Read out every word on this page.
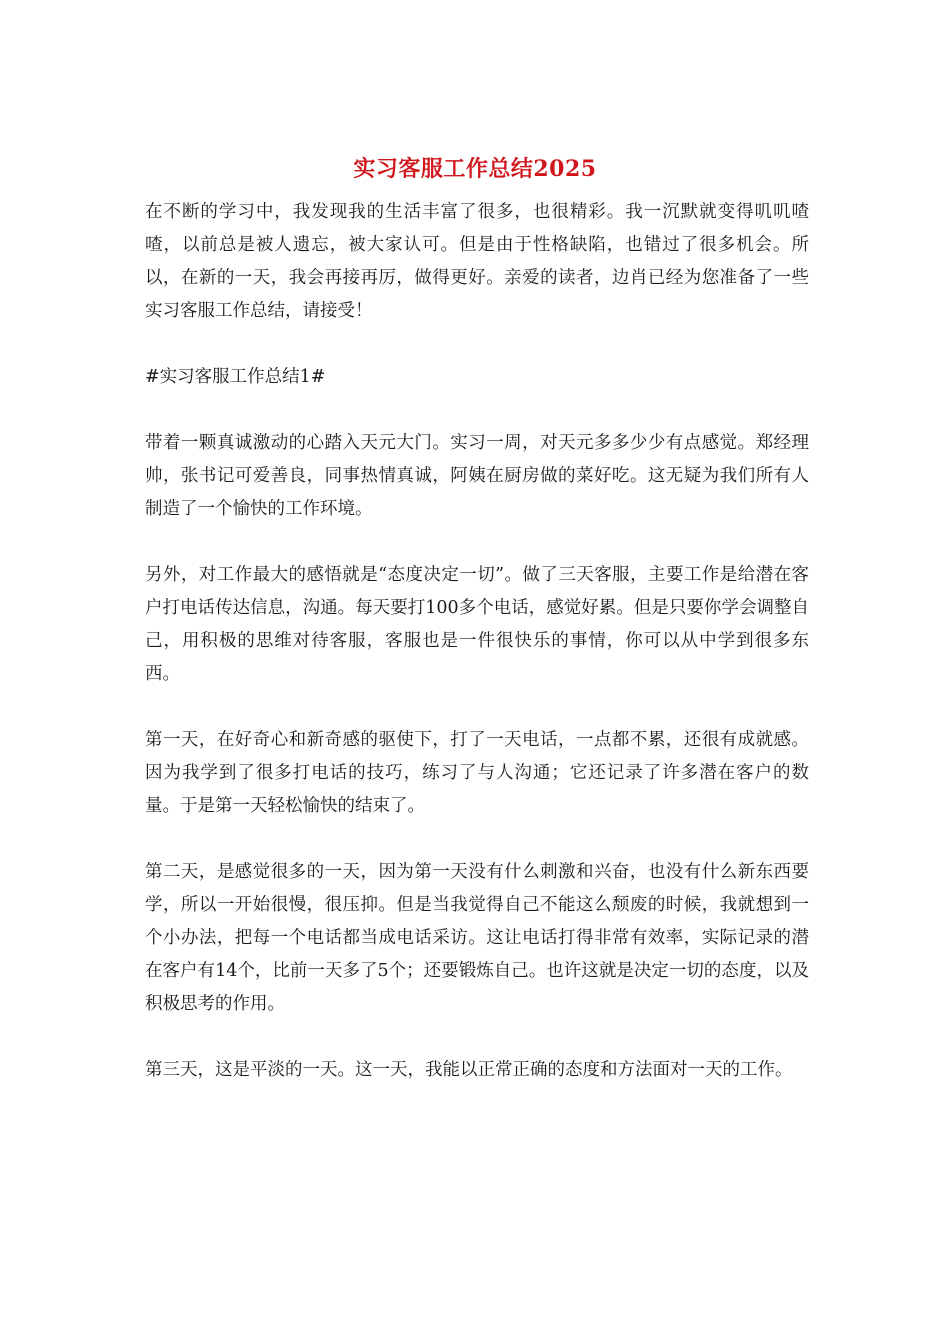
实习客服工作总结2025

在不断的学习中，我发现我的生活丰富了很多，也很精彩。我一沉默就变得叽叽喳喳，以前总是被人遗忘，被大家认可。但是由于性格缺陷，也错过了很多机会。所以，在新的一天，我会再接再厉，做得更好。亲爱的读者，边肖已经为您准备了一些实习客服工作总结，请接受！

#实习客服工作总结1#

带着一颗真诚激动的心踏入天元大门。实习一周，对天元多多少少有点感觉。郑经理帅，张书记可爱善良，同事热情真诚，阿姨在厨房做的菜好吃。这无疑为我们所有人制造了一个愉快的工作环境。

另外，对工作最大的感悟就是“态度决定一切”。做了三天客服，主要工作是给潜在客户打电话传达信息，沟通。每天要打100多个电话，感觉好累。但是只要你学会调整自己，用积极的思维对待客服，客服也是一件很快乐的事情，你可以从中学到很多东西。

第一天，在好奇心和新奇感的驱使下，打了一天电话，一点都不累，还很有成就感。因为我学到了很多打电话的技巧，练习了与人沟通；它还记录了许多潜在客户的数量。于是第一天轻松愉快的结束了。

第二天，是感觉很多的一天，因为第一天没有什么刺激和兴奋，也没有什么新东西要学，所以一开始很慢，很压抑。但是当我觉得自己不能这么颓废的时候，我就想到一个小办法，把每一个电话都当成电话采访。这让电话打得非常有效率，实际记录的潜在客户有14个，比前一天多了5个；还要锻炼自己。也许这就是决定一切的态度，以及积极思考的作用。

第三天，这是平淡的一天。这一天，我能以正常正确的态度和方法面对一天的工作。
